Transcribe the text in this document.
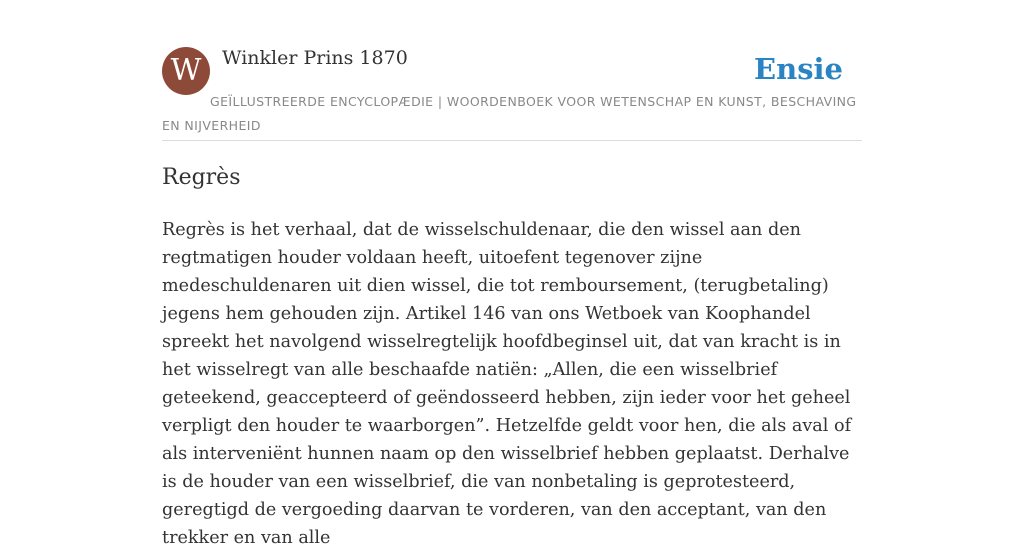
W	Winkler Prins 1870	Ensie
GEÏLLUSTREERDE ENCYCLOPÆDIE | WOORDENBOEK VOOR WETENSCHAP EN KUNST, BESCHAVING EN NIJVERHEID
Regrès

Regrès is het verhaal, dat de wisselschuldenaar, die den wissel aan den regtmatigen houder voldaan heeft, uitoefent tegenover zijne medeschuldenaren uit dien wissel, die tot remboursement, (terugbetaling) jegens hem gehouden zijn. Artikel 146 van ons Wetboek van Koophandel spreekt het navolgend wisselregtelijk hoofdbeginsel uit, dat van kracht is in het wisselregt van alle beschaafde natiën: „Allen, die een wisselbrief geteekend, geaccepteerd of geëndosseerd hebben, zijn ieder voor het geheel verpligt den houder te waarborgen”. Hetzelfde geldt voor hen, die als aval of als interveniënt hunnen naam op den wisselbrief hebben geplaatst. Derhalve is de houder van een wisselbrief, die van nonbetaling is geprotesteerd, geregtigd de vergoeding daarvan te vorderen, van den acceptant, van den trekker en van alle
